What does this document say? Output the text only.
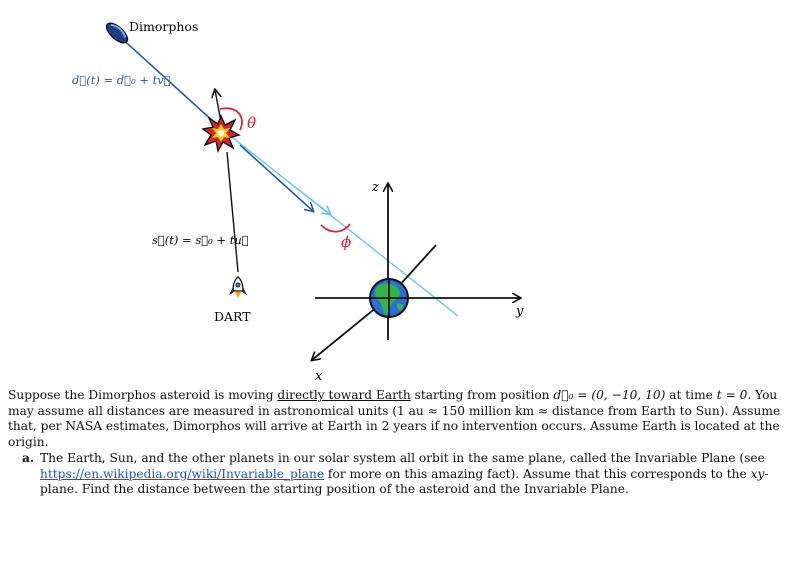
θ
ϕ
z
y
x
Dimorphos
DART
d⃗(t) = d⃗₀ + tv⃗
s⃗(t) = s⃗₀ + tu⃗

Suppose the Dimorphos asteroid is moving directly toward Earth starting from position d⃗₀ = (0, −10, 10) at time t = 0. You may assume all distances are measured in astronomical units (1 au ≈ 150 million km ≈ distance from Earth to Sun). Assume that, per NASA estimates, Dimorphos will arrive at Earth in 2 years if no intervention occurs. Assume Earth is located at the origin.

a. The Earth, Sun, and the other planets in our solar system all orbit in the same plane, called the Invariable Plane (see https://en.wikipedia.org/wiki/Invariable_plane for more on this amazing fact). Assume that this corresponds to the xy-plane. Find the distance between the starting position of the asteroid and the Invariable Plane.
